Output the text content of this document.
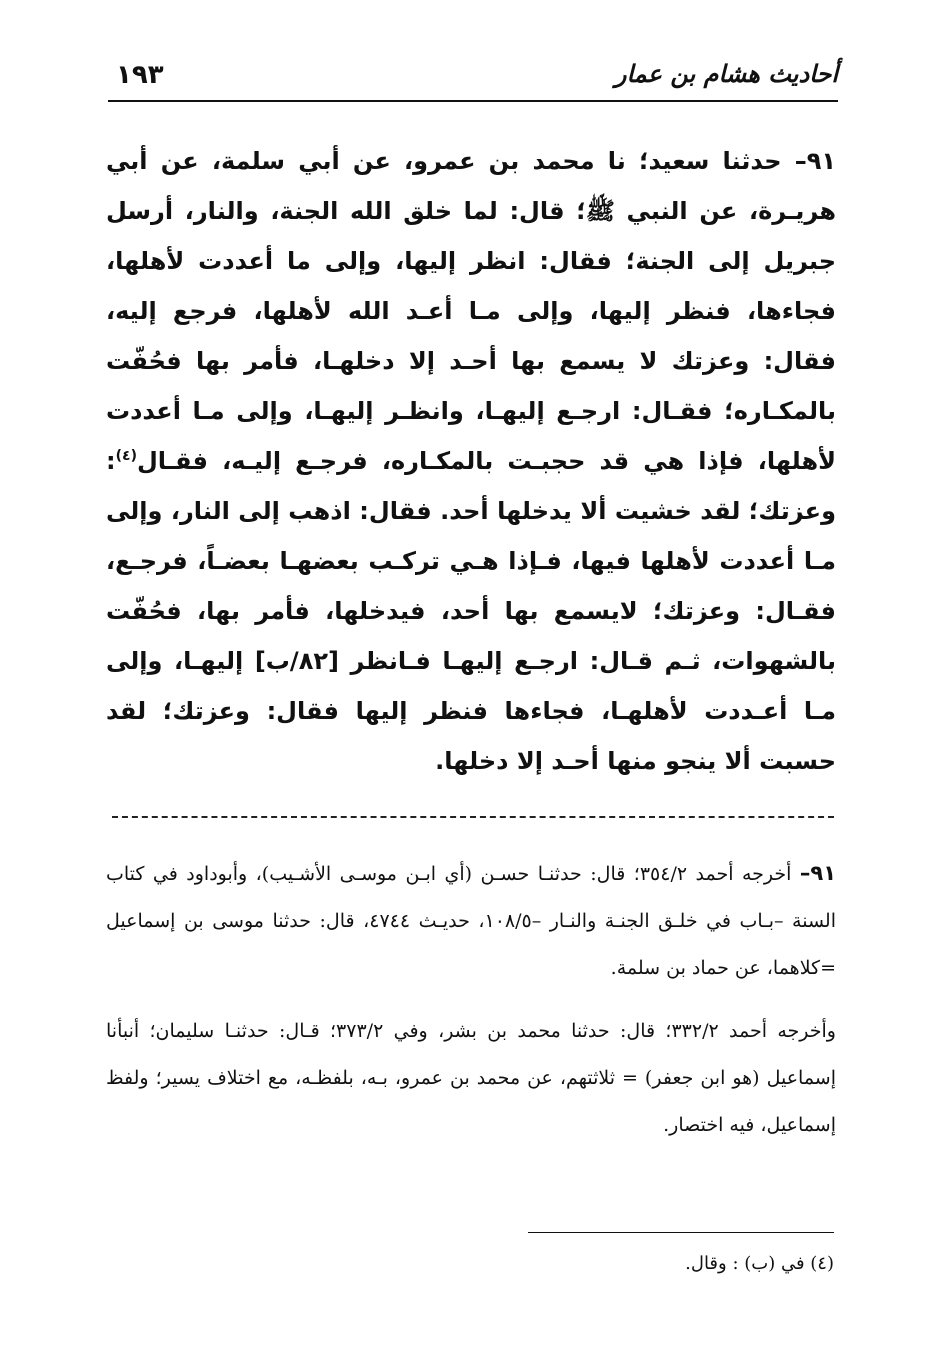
١٩٣	أحاديث هشام بن عمار
٩١– حدثنا سعيد؛ نا محمد بن عمرو، عن أبي سلمة، عن أبي هريـرة، عن النبي ﷺ؛ قال: لما خلق الله الجنة، والنار، أرسل جبريل إلى الجنة؛ فقال: انظر إليها، وإلى ما أعددت لأهلها، فجاءها، فنظر إليها، وإلى مـا أعـد الله لأهلها، فرجع إليه، فقال: وعزتك لا يسمع بها أحـد إلا دخلهـا، فأمر بها فحُفّت بالمكـاره؛ فقـال: ارجـع إليهـا، وانظـر إليهـا، وإلى مـا أعددت لأهلها، فإذا هي قد حجبـت بالمكـاره، فرجـع إليـه، فقـال$^{(٤)}$: وعزتك؛ لقد خشيت ألا يدخلها أحد. فقال: اذهب إلى النار، وإلى مـا أعددت لأهلها فيها، فـإذا هـي تركـب بعضهـا بعضـاً، فرجـع، فقـال: وعزتك؛ لايسمع بها أحد، فيدخلها، فأمر بها، فحُفّت بالشهوات، ثـم قـال: ارجـع إليهـا فـانظر [٨٢/ب] إليهـا، وإلى مـا أعـددت لأهلهـا، فجاءها فنظر إليها فقال: وعزتك؛ لقد حسبت ألا ينجو منها أحـد إلا دخلها.

٩١– أخرجه أحمد ٣٥٤/٢؛ قال: حدثنـا حسـن (أي ابـن موسـى الأشـيب)، وأبوداود في كتاب السنة –بـاب في خلـق الجنـة والنـار –١٠٨/٥، حديـث ٤٧٤٤، قال: حدثنا موسى بن إسماعيل =كلاهما، عن حماد بن سلمة.

وأخرجه أحمد ٣٣٢/٢؛ قال: حدثنا محمد بن بشر، وفي ٣٧٣/٢؛ قـال: حدثنـا سليمان؛ أنبأنا إسماعيل (هو ابن جعفر) = ثلاثتهم، عن محمد بن عمرو، بـه، بلفظـه، مع اختلاف يسير؛ ولفظ إسماعيل، فيه اختصار.

(٤) في (ب) : وقال.
